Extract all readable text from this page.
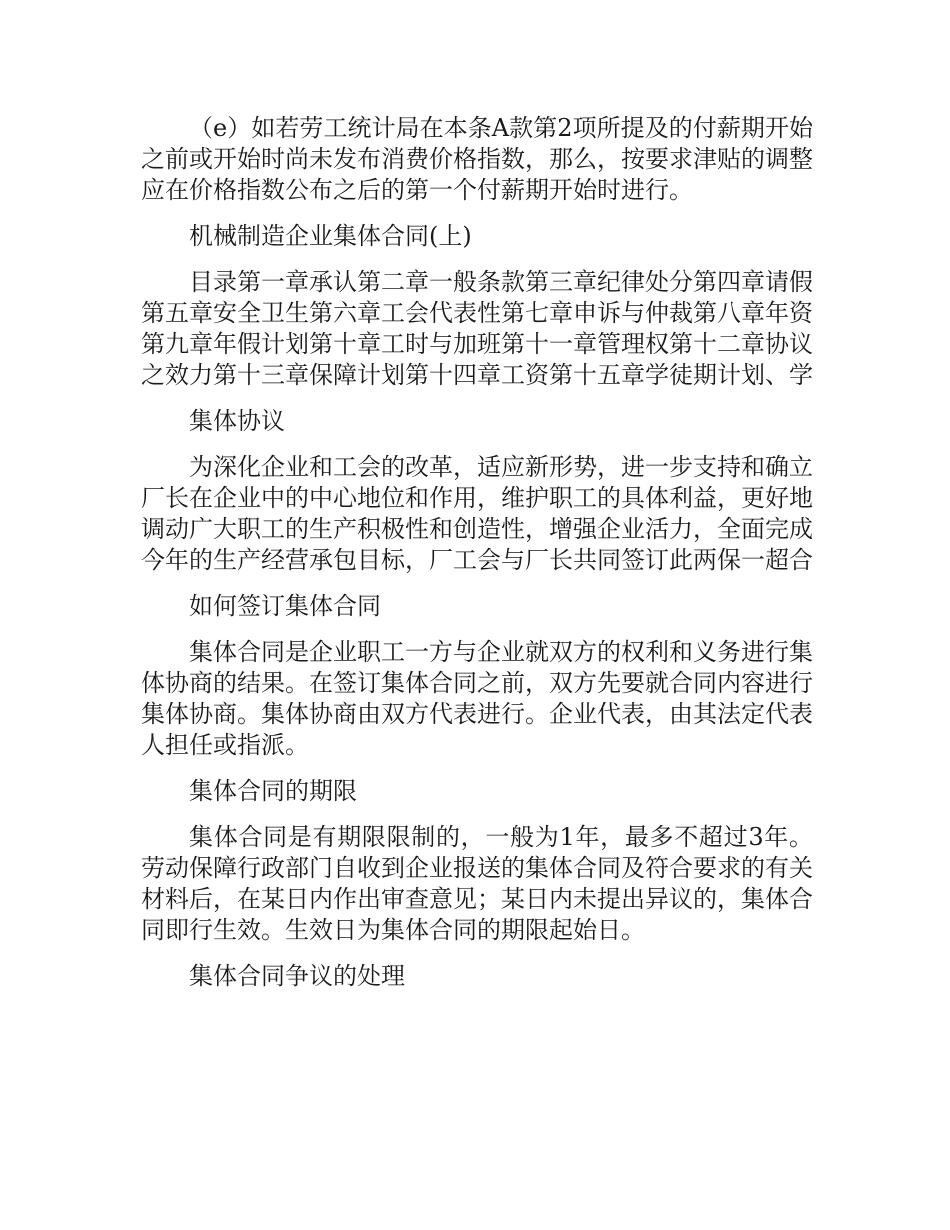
（e）如若劳工统计局在本条A款第2项所提及的付薪期开始之前或开始时尚未发布消费价格指数，那么，按要求津贴的调整应在价格指数公布之后的第一个付薪期开始时进行。

机械制造企业集体合同(上)

目录第一章承认第二章一般条款第三章纪律处分第四章请假第五章安全卫生第六章工会代表性第七章申诉与仲裁第八章年资第九章年假计划第十章工时与加班第十一章管理权第十二章协议之效力第十三章保障计划第十四章工资第十五章学徒期计划、学

集体协议

为深化企业和工会的改革，适应新形势，进一步支持和确立厂长在企业中的中心地位和作用，维护职工的具体利益，更好地调动广大职工的生产积极性和创造性，增强企业活力，全面完成今年的生产经营承包目标，厂工会与厂长共同签订此两保一超合

如何签订集体合同

集体合同是企业职工一方与企业就双方的权利和义务进行集体协商的结果。在签订集体合同之前，双方先要就合同内容进行集体协商。集体协商由双方代表进行。企业代表，由其法定代表人担任或指派。

集体合同的期限

集体合同是有期限限制的，一般为1年，最多不超过3年。劳动保障行政部门自收到企业报送的集体合同及符合要求的有关材料后，在某日内作出审查意见；某日内未提出异议的，集体合同即行生效。生效日为集体合同的期限起始日。

集体合同争议的处理
